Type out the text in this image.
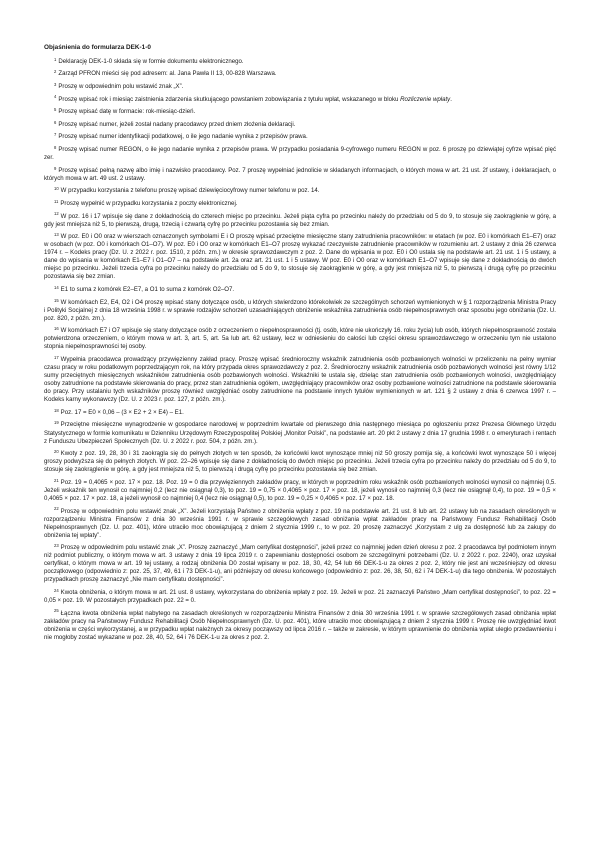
Objaśnienia do formularza DEK-1-0

$^1$ Deklarację DEK-1-0 składa się w formie dokumentu elektronicznego.

$^2$ Zarząd PFRON mieści się pod adresem: al. Jana Pawła II 13, 00-828 Warszawa.

$^3$ Proszę w odpowiednim polu wstawić znak „X”.

$^4$ Proszę wpisać rok i miesiąc zaistnienia zdarzenia skutkującego powstaniem zobowiązania z tytułu wpłat, wskazanego w bloku Rozliczenie wpłaty.

$^5$ Proszę wpisać datę w formacie: rok-miesiąc-dzień.

$^6$ Proszę wpisać numer, jeżeli został nadany pracodawcy przed dniem złożenia deklaracji.

$^7$ Proszę wpisać numer identyfikacji podatkowej, o ile jego nadanie wynika z przepisów prawa.

$^8$ Proszę wpisać numer REGON, o ile jego nadanie wynika z przepisów prawa. W przypadku posiadania 9-cyfrowego numeru REGON w poz. 6 proszę po dziewiątej cyfrze wpisać pięć zer.

$^9$ Proszę wpisać pełną nazwę albo imię i nazwisko pracodawcy. Poz. 7 proszę wypełniać jednolicie w składanych informacjach, o których mowa w art. 21 ust. 2f ustawy, i deklaracjach, o których mowa w art. 49 ust. 2 ustawy.

$^{10}$ W przypadku korzystania z telefonu proszę wpisać dziewięciocyfrowy numer telefonu w poz. 14.

$^{11}$ Proszę wypełnić w przypadku korzystania z poczty elektronicznej.

$^{12}$ W poz. 16 i 17 wpisuje się dane z dokładnością do czterech miejsc po przecinku. Jeżeli piąta cyfra po przecinku należy do przedziału od 5 do 9, to stosuje się zaokrąglenie w górę, a gdy jest mniejsza niż 5, to pierwszą, drugą, trzecią i czwartą cyfrę po przecinku pozostawia się bez zmian.

$^{13}$ W poz. E0 i O0 oraz w wierszach oznaczonych symbolami E i O proszę wpisać przeciętne miesięczne stany zatrudnienia pracowników: w etatach (w poz. E0 i komórkach E1–E7) oraz w osobach (w poz. O0 i komórkach O1–O7). W poz. E0 i O0 oraz w komórkach E1–O7 proszę wykazać rzeczywiste zatrudnienie pracowników w rozumieniu art. 2 ustawy z dnia 26 czerwca 1974 r. – Kodeks pracy (Dz. U. z 2022 r. poz. 1510, z późn. zm.) w okresie sprawozdawczym z poz. 2. Dane do wpisania w poz. E0 i O0 ustala się na podstawie art. 21 ust. 1 i 5 ustawy, a dane do wpisania w komórkach E1–E7 i O1–O7 – na podstawie art. 2a oraz art. 21 ust. 1 i 5 ustawy. W poz. E0 i O0 oraz w komórkach E1–O7 wpisuje się dane z dokładnością do dwóch miejsc po przecinku. Jeżeli trzecia cyfra po przecinku należy do przedziału od 5 do 9, to stosuje się zaokrąglenie w górę, a gdy jest mniejsza niż 5, to pierwszą i drugą cyfrę po przecinku pozostawia się bez zmian.

$^{14}$ E1 to suma z komórek E2–E7, a O1 to suma z komórek O2–O7.

$^{15}$ W komórkach E2, E4, O2 i O4 proszę wpisać stany dotyczące osób, u których stwierdzono którekolwiek ze szczególnych schorzeń wymienionych w § 1 rozporządzenia Ministra Pracy i Polityki Socjalnej z dnia 18 września 1998 r. w sprawie rodzajów schorzeń uzasadniających obniżenie wskaźnika zatrudnienia osób niepełnosprawnych oraz sposobu jego obniżania (Dz. U. poz. 820, z późn. zm.).

$^{16}$ W komórkach E7 i O7 wpisuje się stany dotyczące osób z orzeczeniem o niepełnosprawności (tj. osób, które nie ukończyły 16. roku życia) lub osób, których niepełnosprawność została potwierdzona orzeczeniem, o którym mowa w art. 3, art. 5, art. 5a lub art. 62 ustawy, lecz w odniesieniu do całości lub części okresu sprawozdawczego w orzeczeniu tym nie ustalono stopnia niepełnosprawności tej osoby.

$^{17}$ Wypełnia pracodawca prowadzący przywięzienny zakład pracy. Proszę wpisać średnioroczny wskaźnik zatrudnienia osób pozbawionych wolności w przeliczeniu na pełny wymiar czasu pracy w roku podatkowym poprzedzającym rok, na który przypada okres sprawozdawczy z poz. 2. Średnioroczny wskaźnik zatrudnienia osób pozbawionych wolności jest równy 1/12 sumy przeciętnych miesięcznych wskaźników zatrudnienia osób pozbawionych wolności. Wskaźniki te ustala się, dzieląc stan zatrudnienia osób pozbawionych wolności, uwzględniający osoby zatrudnione na podstawie skierowania do pracy, przez stan zatrudnienia ogółem, uwzględniający pracowników oraz osoby pozbawione wolności zatrudnione na podstawie skierowania do pracy. Przy ustalaniu tych wskaźników proszę również uwzględniać osoby zatrudnione na podstawie innych tytułów wymienionych w art. 121 § 2 ustawy z dnia 6 czerwca 1997 r. – Kodeks karny wykonawczy (Dz. U. z 2023 r. poz. 127, z późn. zm.).

$^{18}$ Poz. 17 = E0 × 0,06 – (3 × E2 + 2 × E4) – E1.

$^{19}$ Przeciętne miesięczne wynagrodzenie w gospodarce narodowej w poprzednim kwartale od pierwszego dnia następnego miesiąca po ogłoszeniu przez Prezesa Głównego Urzędu Statystycznego w formie komunikatu w Dzienniku Urzędowym Rzeczypospolitej Polskiej „Monitor Polski”, na podstawie art. 20 pkt 2 ustawy z dnia 17 grudnia 1998 r. o emeryturach i rentach z Funduszu Ubezpieczeń Społecznych (Dz. U. z 2022 r. poz. 504, z późn. zm.).

$^{20}$ Kwoty z poz. 19, 28, 30 i 31 zaokrągla się do pełnych złotych w ten sposób, że końcówki kwot wynoszące mniej niż 50 groszy pomija się, a końcówki kwot wynoszące 50 i więcej groszy podwyższa się do pełnych złotych. W poz. 22–26 wpisuje się dane z dokładnością do dwóch miejsc po przecinku. Jeżeli trzecia cyfra po przecinku należy do przedziału od 5 do 9, to stosuje się zaokrąglenie w górę, a gdy jest mniejsza niż 5, to pierwszą i drugą cyfrę po przecinku pozostawia się bez zmian.

$^{21}$ Poz. 19 = 0,4065 × poz. 17 × poz. 18. Poz. 19 = 0 dla przywięziennych zakładów pracy, w których w poprzednim roku wskaźnik osób pozbawionych wolności wynosił co najmniej 0,5. Jeżeli wskaźnik ten wynosił co najmniej 0,2 (lecz nie osiągnął 0,3), to poz. 19 = 0,75 × 0,4065 × poz. 17 × poz. 18, jeżeli wynosił co najmniej 0,3 (lecz nie osiągnął 0,4), to poz. 19 = 0,5 × 0,4065 × poz. 17 × poz. 18, a jeżeli wynosił co najmniej 0,4 (lecz nie osiągnął 0,5), to poz. 19 = 0,25 × 0,4065 × poz. 17 × poz. 18.

$^{22}$ Proszę w odpowiednim polu wstawić znak „X”. Jeżeli korzystają Państwo z obniżenia wpłaty z poz. 19 na podstawie art. 21 ust. 8 lub art. 22 ustawy lub na zasadach określonych w rozporządzeniu Ministra Finansów z dnia 30 września 1991 r. w sprawie szczegółowych zasad obniżania wpłat zakładów pracy na Państwowy Fundusz Rehabilitacji Osób Niepełnosprawnych (Dz. U. poz. 401), które utraciło moc obowiązującą z dniem 2 stycznia 1999 r., to w poz. 20 proszę zaznaczyć „Korzystam z ulg za dostępność lub za zakupy do obniżenia tej wpłaty”.

$^{23}$ Proszę w odpowiednim polu wstawić znak „X”. Proszę zaznaczyć „Mam certyfikat dostępności”, jeżeli przez co najmniej jeden dzień okresu z poz. 2 pracodawca był podmiotem innym niż podmiot publiczny, o którym mowa w art. 3 ustawy z dnia 19 lipca 2019 r. o zapewnianiu dostępności osobom ze szczególnymi potrzebami (Dz. U. z 2022 r. poz. 2240), oraz uzyskał certyfikat, o którym mowa w art. 19 tej ustawy, a rodzaj obniżenia D0 został wpisany w poz. 18, 30, 42, 54 lub 66 DEK-1-u za okres z poz. 2, który nie jest ani wcześniejszy od okresu początkowego (odpowiednio z: poz. 25, 37, 49, 61 i 73 DEK-1-u), ani późniejszy od okresu końcowego (odpowiednio z: poz. 26, 38, 50, 62 i 74 DEK-1-u) dla tego obniżenia. W pozostałych przypadkach proszę zaznaczyć „Nie mam certyfikatu dostępności”.

$^{24}$ Kwota obniżenia, o którym mowa w art. 21 ust. 8 ustawy, wykorzystana do obniżenia wpłaty z poz. 19. Jeżeli w poz. 21 zaznaczyli Państwo „Mam certyfikat dostępności”, to poz. 22 = 0,05 × poz. 19. W pozostałych przypadkach poz. 22 = 0.

$^{25}$ Łączna kwota obniżenia wpłat nabytego na zasadach określonych w rozporządzeniu Ministra Finansów z dnia 30 września 1991 r. w sprawie szczegółowych zasad obniżania wpłat zakładów pracy na Państwowy Fundusz Rehabilitacji Osób Niepełnosprawnych (Dz. U. poz. 401), które utraciło moc obowiązującą z dniem 2 stycznia 1999 r. Proszę nie uwzględniać kwot obniżenia w części wykorzystanej, a w przypadku wpłat należnych za okresy począwszy od lipca 2016 r. – także w zakresie, w którym uprawnienie do obniżenia wpłat uległo przedawnieniu i nie mogłoby zostać wykazane w poz. 28, 40, 52, 64 i 76 DEK-1-u za okres z poz. 2.
